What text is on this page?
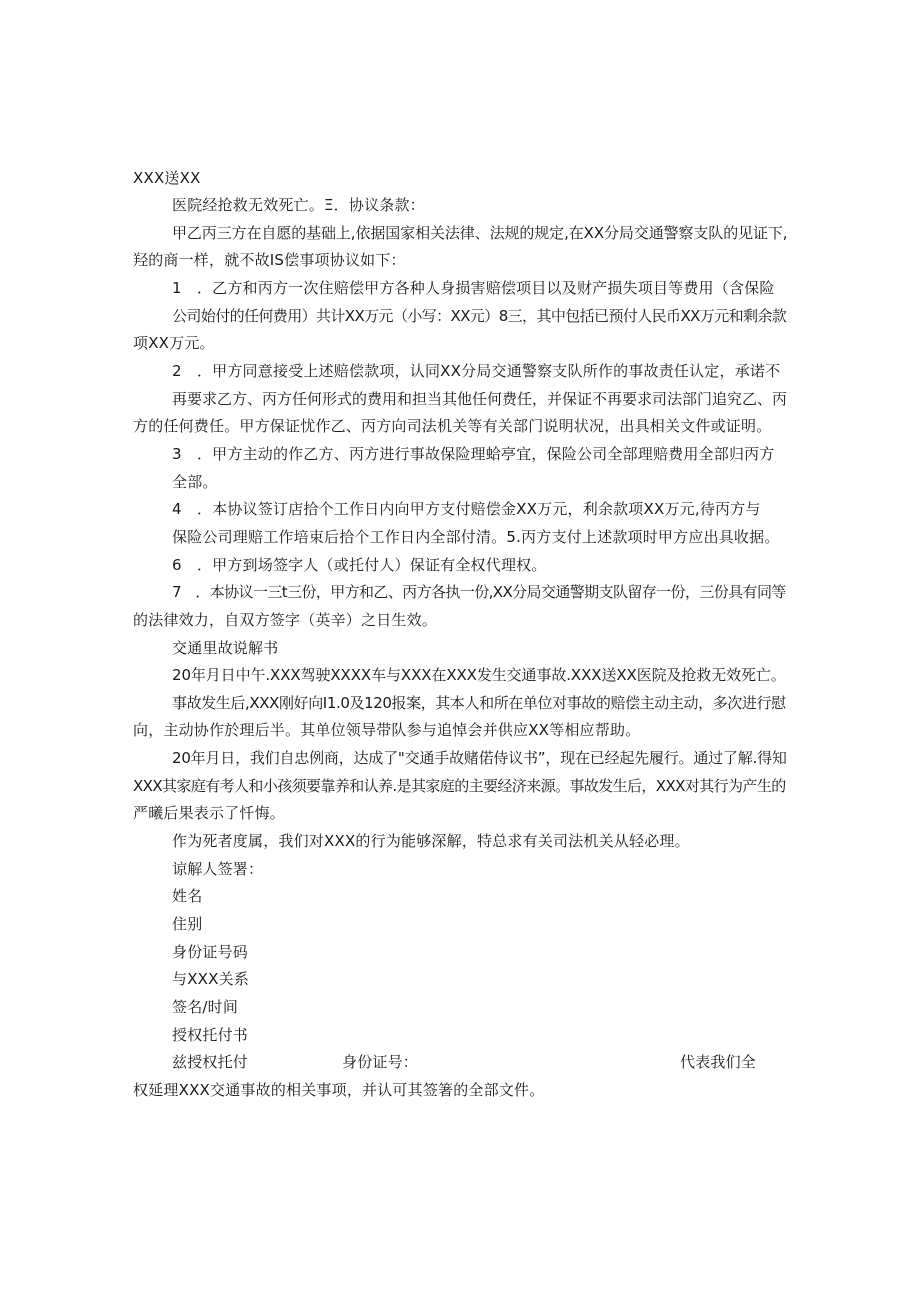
XXX送XX
医院经抢救无效死亡。Ξ．协议条款：
甲乙丙三方在自愿的基础上,依据国家相关法律、法规的规定,在XX分局交通警察支队的见证下,
羟的商一样，就不故IS偿事项协议如下：
1　．乙方和丙方一次住赔偿甲方各种人身损害赔偿项目以及财产损失项目等费用（含保险
公司始付的任何费用）共计XX万元（小写：XX元）8三，其中包括已预付人民币XX万元和剩余款
项XX万元。
2　．甲方同意接受上述赔偿款项，认同XX分局交通警察支队所作的事故责任认定，承诺不
再要求乙方、丙方任何形式的费用和担当其他任何费任，并保证不再要求司法部门追究乙、丙
方的任何费任。甲方保证忧作乙、丙方向司法机关等有关部门说明状况，出具相关文件或证明。
3　．甲方主动的作乙方、丙方进行事故保险理蛤亭宜，保险公司全部理赔费用全部归丙方
全部。
4　．本协议签订店拾个工作日内向甲方支付赔偿金XX万元，利余款项XX万元,待丙方与
保险公司理赔工作培束后拾个工作日内全部付清。5.丙方支付上述款项时甲方应出具收据。
6　．甲方到场签字人（或托付人）保证有全权代理权。
7　．本协议一三t三份，甲方和乙、丙方各执一份,XX分局交通警期支队留存一份，三份具有同等
的法律效力，自双方签字（英辛）之日生效。
交通里故说解书
20年月日中午.XXX驾驶XXXX车与XXX在XXX发生交通事故.XXX送XX医院及抢救无效死亡。
事故发生后,XXX刚好向I1.0及120报案，其本人和所在单位对事故的赔偿主动主动，多次进行慰
向，主动协作於理后半。其单位领导带队参与追悼会并供应XX等相应帮助。
20年月日，我们自忠例商，达成了"交通手故赌偌侍议书”，现在已经起先履行。通过了解.得知
XXX其家庭有考人和小孩须要靠养和认养.是其家庭的主要经济来源。事故发生后，XXX对其行为产生的
严曦后果表示了忏悔。
作为死者度属，我们对XXX的行为能够深解，特总求有关司法机关从轻必理。
谅解人签署：
姓名
住别
身份证号码
与XXX关系
签名/时间
授权托付书
兹授权托付	身份证号：	代表我们全
权延理XXX交通事故的相关事项，并认可其签箸的全部文件。
